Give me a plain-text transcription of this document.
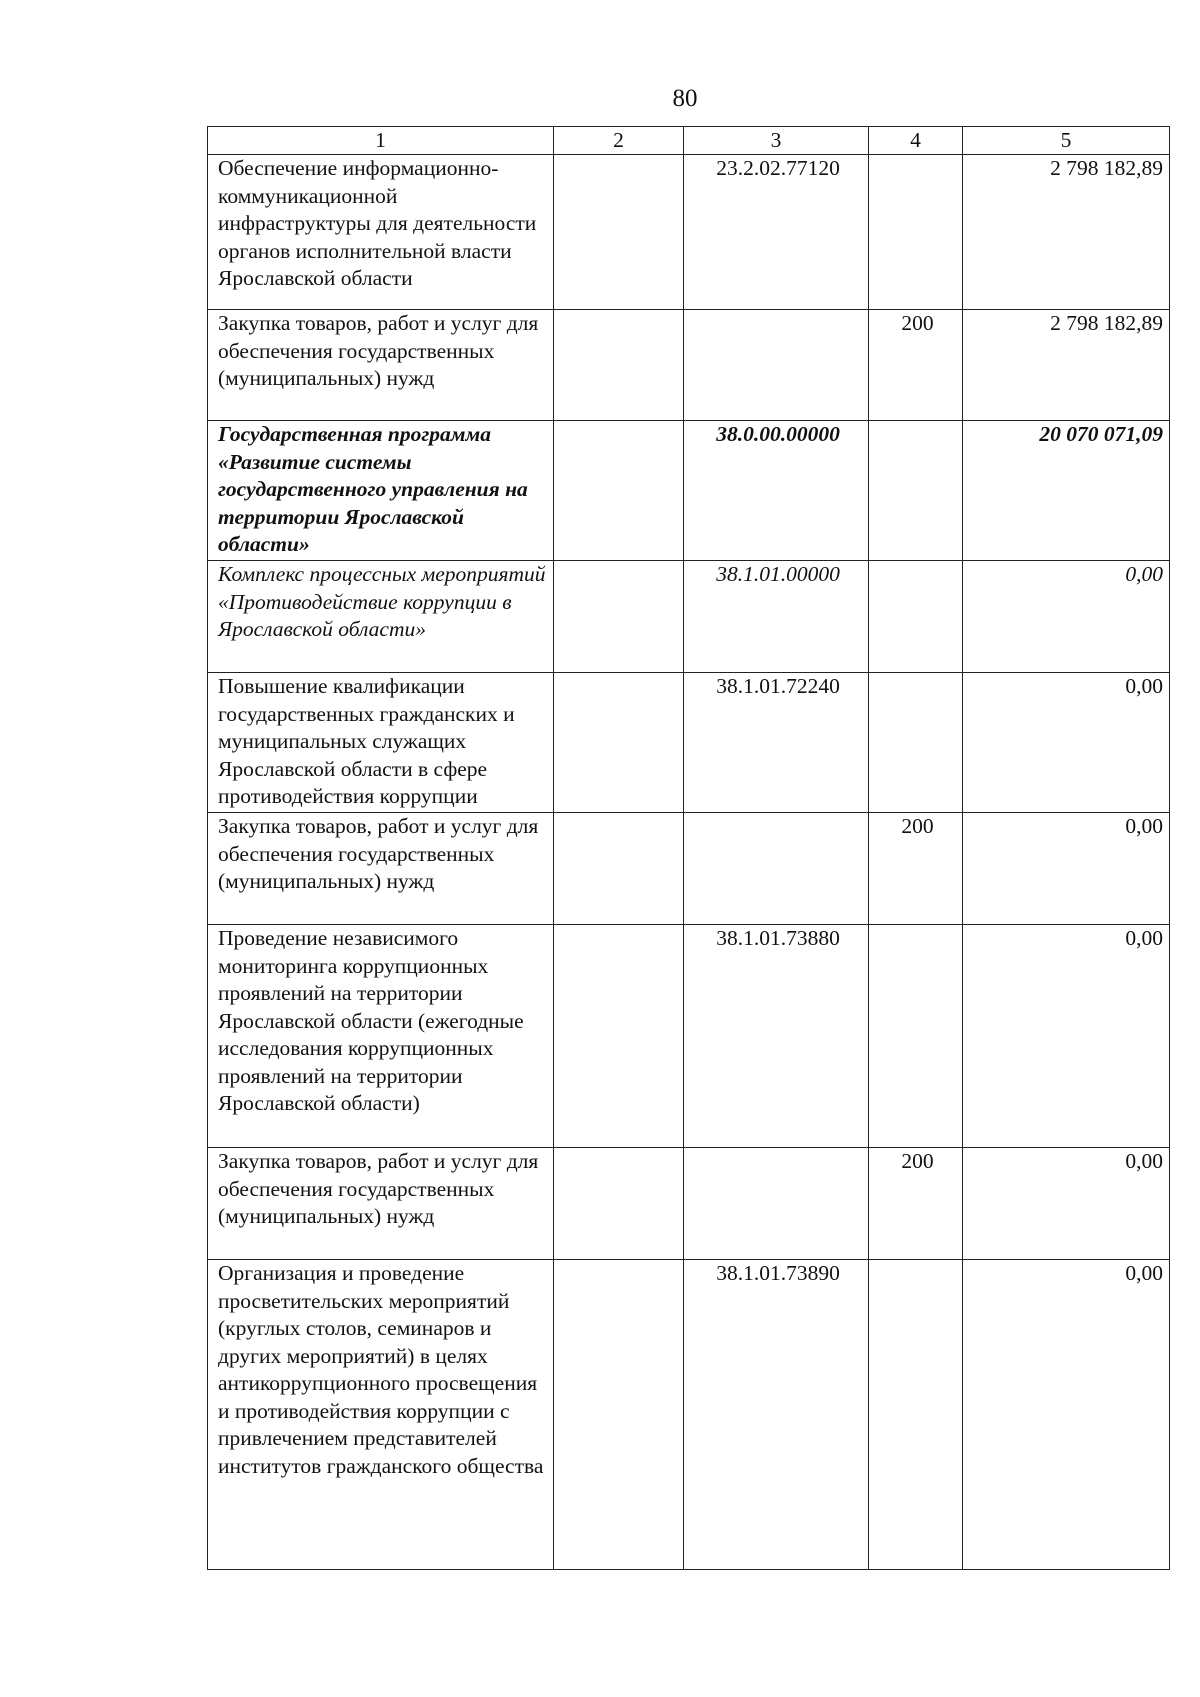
80
1	2	3	4	5
Обеспечение информационно-коммуникационной инфраструктуры для деятельности органов исполнительной власти Ярославской области		23.2.02.77120		2 798 182,89
Закупка товаров, работ и услуг для обеспечения государственных (муниципальных) нужд			200	2 798 182,89
Государственная программа «Развитие системы государственного управления на территории Ярославской области»		38.0.00.00000		20 070 071,09
Комплекс процессных мероприятий «Противодействие коррупции в Ярославской области»		38.1.01.00000		0,00
Повышение квалификации государственных гражданских и муниципальных служащих Ярославской области в сфере противодействия коррупции		38.1.01.72240		0,00
Закупка товаров, работ и услуг для обеспечения государственных (муниципальных) нужд			200	0,00
Проведение независимого мониторинга коррупционных проявлений на территории Ярославской области (ежегодные исследования коррупционных проявлений на территории Ярославской области)		38.1.01.73880		0,00
Закупка товаров, работ и услуг для обеспечения государственных (муниципальных) нужд			200	0,00
Организация и проведение просветительских мероприятий (круглых столов, семинаров и других мероприятий) в целях антикоррупционного просвещения и противодействия коррупции с привлечением представителей институтов гражданского общества		38.1.01.73890		0,00
